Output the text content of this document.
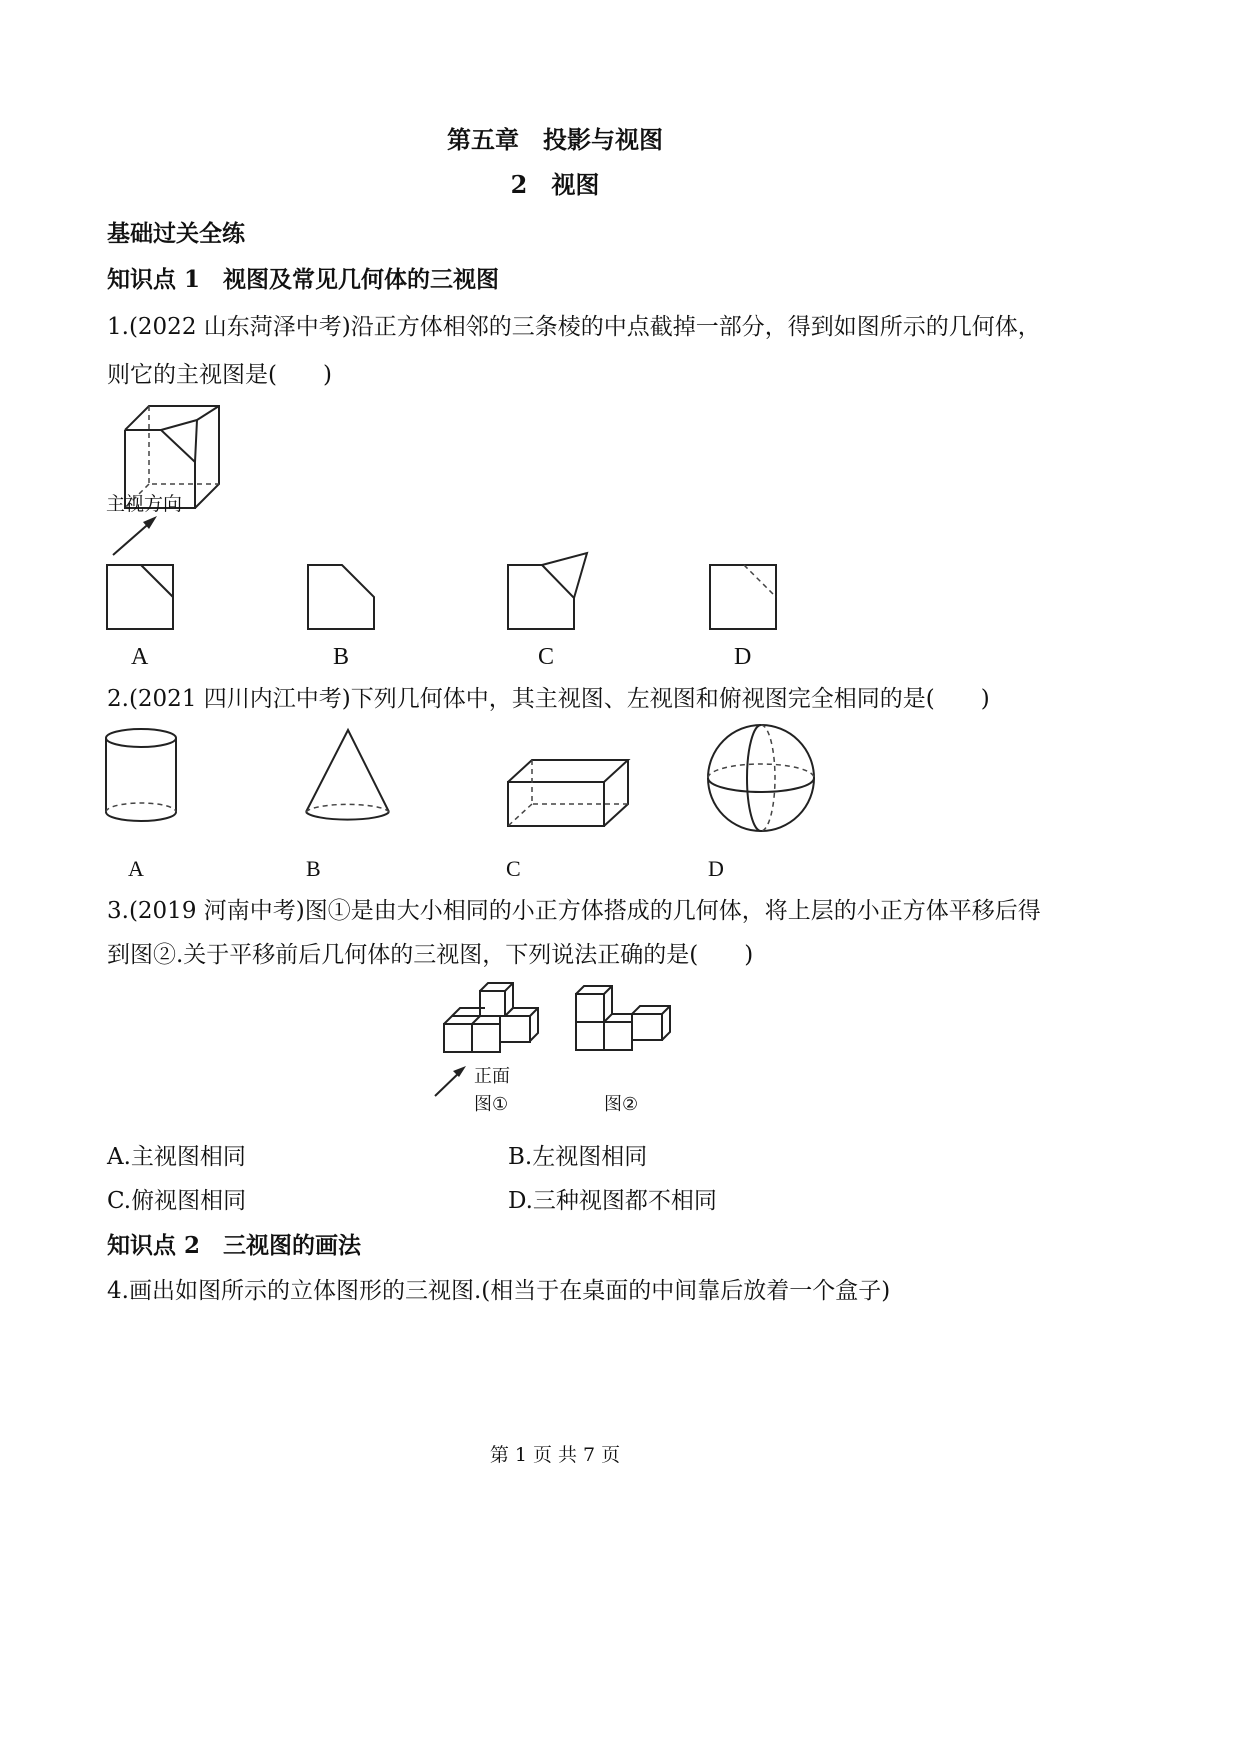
第五章　投影与视图
2　视图
基础过关全练
知识点 1　视图及常见几何体的三视图
1.(2022 山东菏泽中考)沿正方体相邻的三条棱的中点截掉一部分，得到如图所示的几何体，
则它的主视图是(　　)
主视方向
A	B	C	D
2.(2021 四川内江中考)下列几何体中，其主视图、左视图和俯视图完全相同的是(　　)
A	B	C	D
3.(2019 河南中考)图①是由大小相同的小正方体搭成的几何体，将上层的小正方体平移后得
到图②.关于平移前后几何体的三视图，下列说法正确的是(　　)
正面
图①	图②
A.主视图相同	B.左视图相同
C.俯视图相同	D.三种视图都不相同
知识点 2　三视图的画法
4.画出如图所示的立体图形的三视图.(相当于在桌面的中间靠后放着一个盒子)
第 1 页 共 7 页
